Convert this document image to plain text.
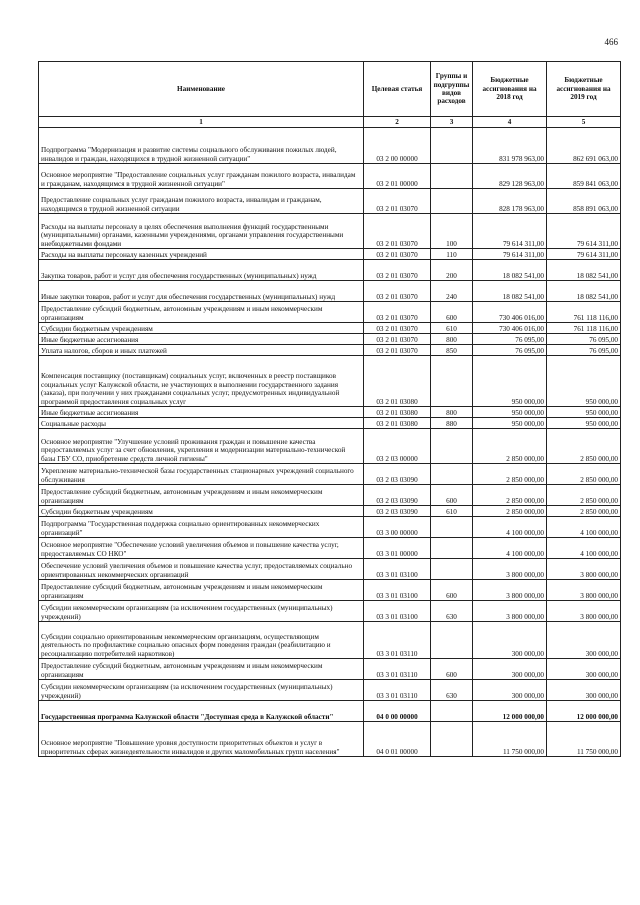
466
Наименование	Целевая статья	Группы и подгруппы видов расходов	Бюджетные ассигнования на 2018 год	Бюджетные ассигнования на 2019 год
1	2	3	4	5
Подпрограмма "Модернизация и развитие системы социального обслуживания пожилых людей, инвалидов и граждан, находящихся в трудной жизненной ситуации"	03 2 00 00000		831 978 963,00	862 691 063,00
Основное мероприятие "Предоставление социальных услуг гражданам пожилого возраста, инвалидам и гражданам, находящимся в трудной жизненной ситуации"	03 2 01 00000		829 128 963,00	859 841 063,00
Предоставление социальных услуг гражданам пожилого возраста, инвалидам и гражданам, находящимся в трудной жизненной ситуации	03 2 01 03070		828 178 963,00	858 891 063,00
Расходы на выплаты персоналу в целях обеспечения выполнения функций государственными (муниципальными) органами, казенными учреждениями, органами управления государственными внебюджетными фондами	03 2 01 03070	100	79 614 311,00	79 614 311,00
Расходы на выплаты персоналу казенных учреждений	03 2 01 03070	110	79 614 311,00	79 614 311,00
Закупка товаров, работ и услуг для обеспечения государственных (муниципальных) нужд	03 2 01 03070	200	18 082 541,00	18 082 541,00
Иные закупки товаров, работ и услуг для обеспечения государственных (муниципальных) нужд	03 2 01 03070	240	18 082 541,00	18 082 541,00
Предоставление субсидий бюджетным, автономным учреждениям и иным некоммерческим организациям	03 2 01 03070	600	730 406 016,00	761 118 116,00
Субсидии бюджетным учреждениям	03 2 01 03070	610	730 406 016,00	761 118 116,00
Иные бюджетные ассигнования	03 2 01 03070	800	76 095,00	76 095,00
Уплата налогов, сборов и иных платежей	03 2 01 03070	850	76 095,00	76 095,00
Компенсация поставщику (поставщикам) социальных услуг, включенных в реестр поставщиков социальных услуг Калужской области, не участвующих в выполнении государственного задания (заказа), при получении у них гражданами социальных услуг, предусмотренных индивидуальной программой предоставления социальных услуг	03 2 01 03080		950 000,00	950 000,00
Иные бюджетные ассигнования	03 2 01 03080	800	950 000,00	950 000,00
Социальные расходы	03 2 01 03080	880	950 000,00	950 000,00
Основное мероприятие "Улучшение условий проживания граждан и повышение качества предоставляемых услуг за счет обновления, укрепления и модернизации материально-технической базы ГБУ СО, приобретение средств личной гигиены"	03 2 03 00000		2 850 000,00	2 850 000,00
Укрепление материально-технической базы государственных стационарных учреждений социального обслуживания	03 2 03 03090		2 850 000,00	2 850 000,00
Предоставление субсидий бюджетным, автономным учреждениям и иным некоммерческим организациям	03 2 03 03090	600	2 850 000,00	2 850 000,00
Субсидии бюджетным учреждениям	03 2 03 03090	610	2 850 000,00	2 850 000,00
Подпрограмма "Государственная поддержка социально ориентированных некоммерческих организаций"	03 3 00 00000		4 100 000,00	4 100 000,00
Основное мероприятие "Обеспечение условий увеличения объемов и повышение качества услуг, предоставляемых СО НКО"	03 3 01 00000		4 100 000,00	4 100 000,00
Обеспечение условий увеличения объемов и повышение качества услуг, предоставляемых социально ориентированных некоммерческих организаций	03 3 01 03100		3 800 000,00	3 800 000,00
Предоставление субсидий бюджетным, автономным учреждениям и иным некоммерческим организациям	03 3 01 03100	600	3 800 000,00	3 800 000,00
Субсидии некоммерческим организациям (за исключением государственных (муниципальных) учреждений)	03 3 01 03100	630	3 800 000,00	3 800 000,00
Субсидии социально ориентированным некоммерческим организациям, осуществляющим деятельность по профилактике социально опасных форм поведения граждан (реабилитацию и ресоциализацию потребителей наркотиков)	03 3 01 03110		300 000,00	300 000,00
Предоставление субсидий бюджетным, автономным учреждениям и иным некоммерческим организациям	03 3 01 03110	600	300 000,00	300 000,00
Субсидии некоммерческим организациям (за исключением государственных (муниципальных) учреждений)	03 3 01 03110	630	300 000,00	300 000,00
Государственная программа Калужской области "Доступная среда в Калужской области"	04 0 00 00000		12 000 000,00	12 000 000,00
Основное мероприятие "Повышение уровня доступности приоритетных объектов и услуг в приоритетных сферах жизнедеятельности инвалидов и других маломобильных групп населения"	04 0 01 00000		11 750 000,00	11 750 000,00
